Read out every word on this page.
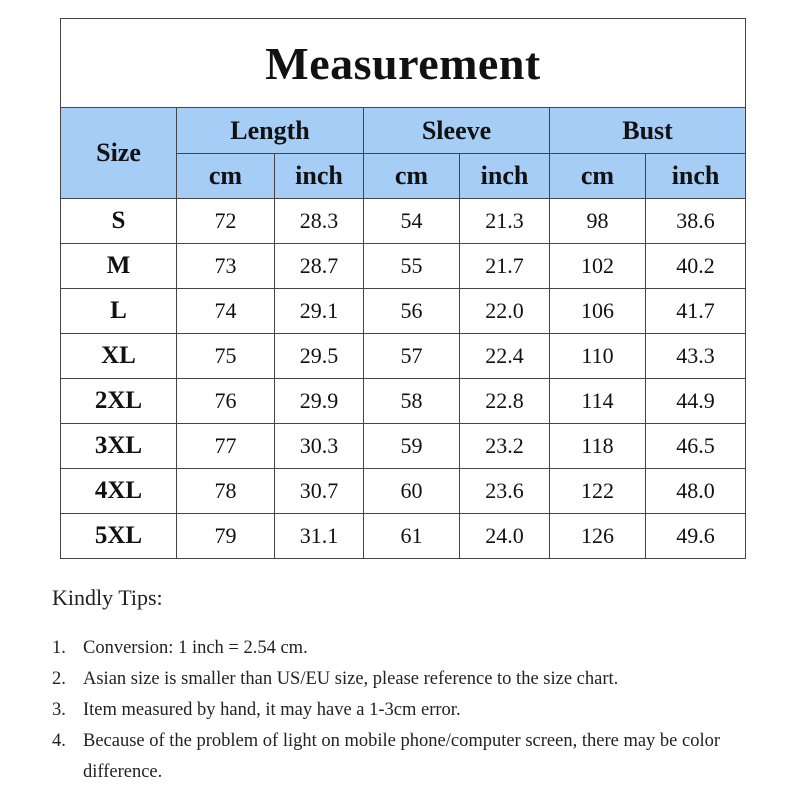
Measurement						
Size	Length		Sleeve		Bust	
	cm	inch	cm	inch	cm	inch
S	72	28.3	54	21.3	98	38.6
M	73	28.7	55	21.7	102	40.2
L	74	29.1	56	22.0	106	41.7
XL	75	29.5	57	22.4	110	43.3
2XL	76	29.9	58	22.8	114	44.9
3XL	77	30.3	59	23.2	118	46.5
4XL	78	30.7	60	23.6	122	48.0
5XL	79	31.1	61	24.0	126	49.6
Kindly Tips:
1. Conversion: 1 inch = 2.54 cm.
2. Asian size is smaller than US/EU size, please reference to the size chart.
3. Item measured by hand, it may have a 1-3cm error.
4. Because of the problem of light on mobile phone/computer screen, there may be color difference.
